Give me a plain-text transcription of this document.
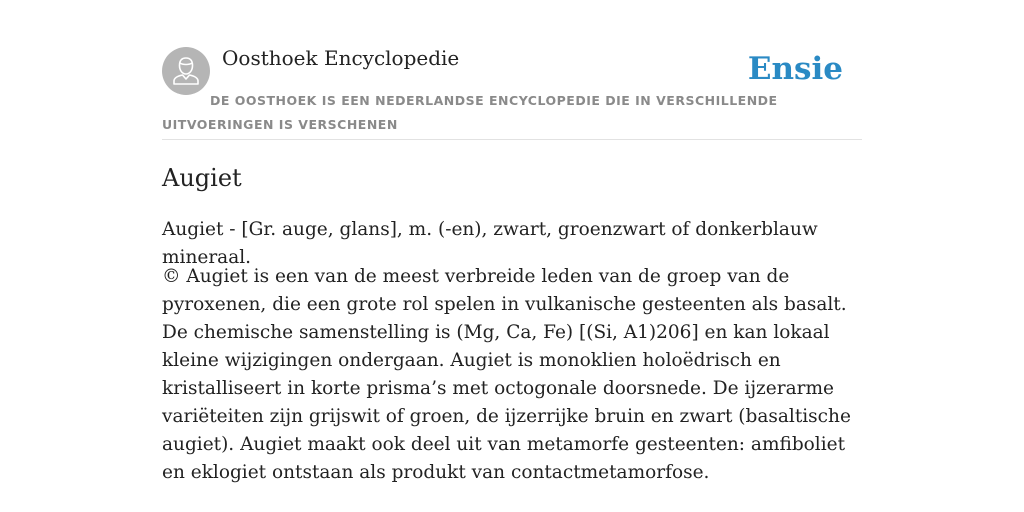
Oosthoek Encyclopedie	Ensie
DE OOSTHOEK IS EEN NEDERLANDSE ENCYCLOPEDIE DIE IN VERSCHILLENDE UITVOERINGEN IS VERSCHENEN
Augiet

Augiet - [Gr. auge, glans], m. (-en), zwart, groenzwart of donkerblauw mineraal.

© Augiet is een van de meest verbreide leden van de groep van de pyroxenen, die een grote rol spelen in vulkanische gesteenten als basalt. De chemische samenstelling is (Mg, Ca, Fe) [(Si, A1)206] en kan lokaal kleine wijzigingen ondergaan. Augiet is monoklien holoëdrisch en kristalliseert in korte prisma’s met octogonale doorsnede. De ijzerarme variëteiten zijn grijswit of groen, de ijzerrijke bruin en zwart (basaltische augiet). Augiet maakt ook deel uit van metamorfe gesteenten: amfiboliet en eklogiet ontstaan als produkt van contactmetamorfose.
